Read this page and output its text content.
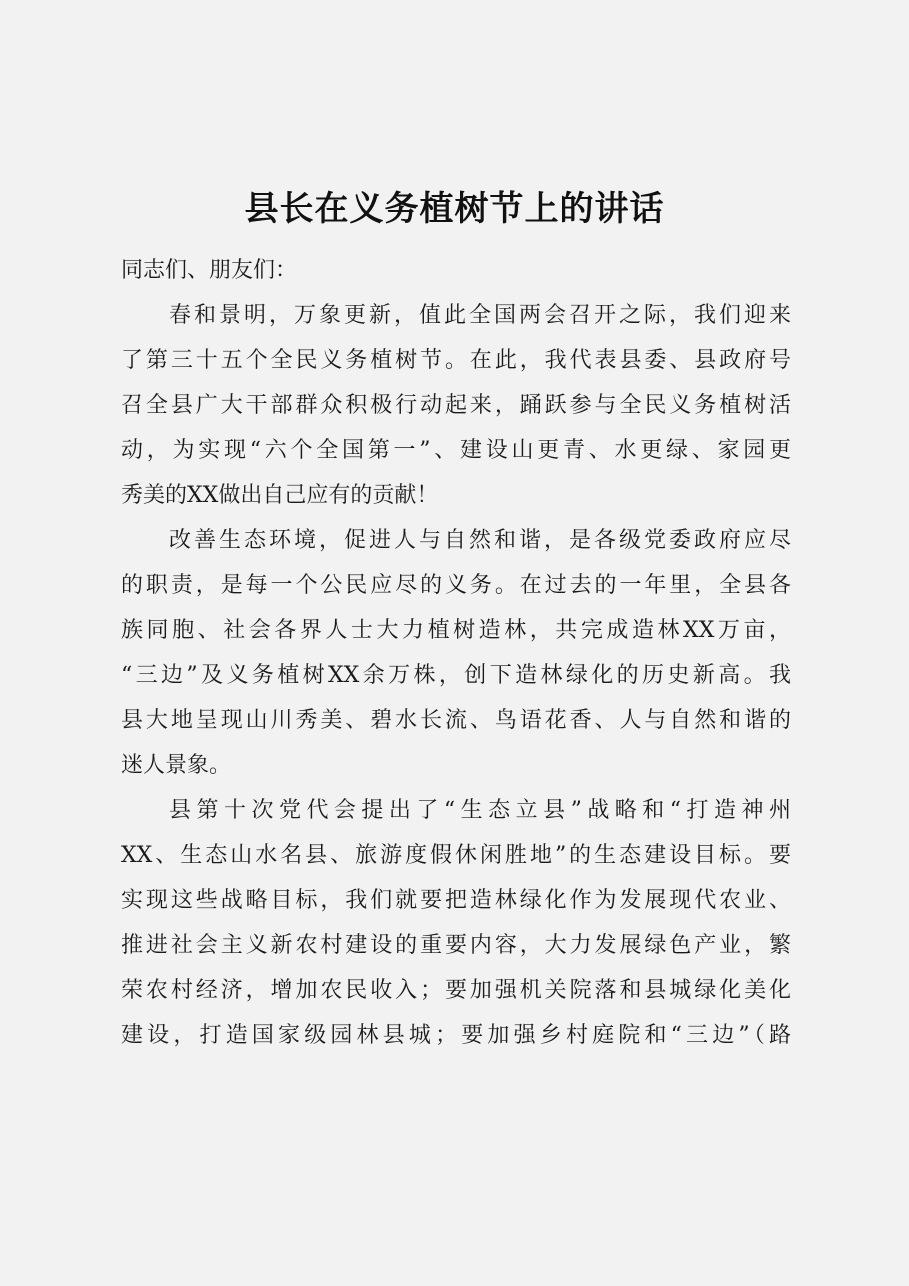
县长在义务植树节上的讲话
同志们、朋友们：
春和景明，万象更新，值此全国两会召开之际，我们迎来
了第三十五个全民义务植树节。在此，我代表县委、县政府号
召全县广大干部群众积极行动起来，踊跃参与全民义务植树活
动，为实现“六个全国第一”、建设山更青、水更绿、家园更
秀美的XX做出自己应有的贡献！
改善生态环境，促进人与自然和谐，是各级党委政府应尽
的职责，是每一个公民应尽的义务。在过去的一年里，全县各
族同胞、社会各界人士大力植树造林，共完成造林XX万亩，
“三边”及义务植树XX余万株，创下造林绿化的历史新高。我
县大地呈现山川秀美、碧水长流、鸟语花香、人与自然和谐的
迷人景象。
县第十次党代会提出了“生态立县”战略和“打造神州
XX、生态山水名县、旅游度假休闲胜地”的生态建设目标。要
实现这些战略目标，我们就要把造林绿化作为发展现代农业、
推进社会主义新农村建设的重要内容，大力发展绿色产业，繁
荣农村经济，增加农民收入；要加强机关院落和县城绿化美化
建设，打造国家级园林县城；要加强乡村庭院和“三边”（路
